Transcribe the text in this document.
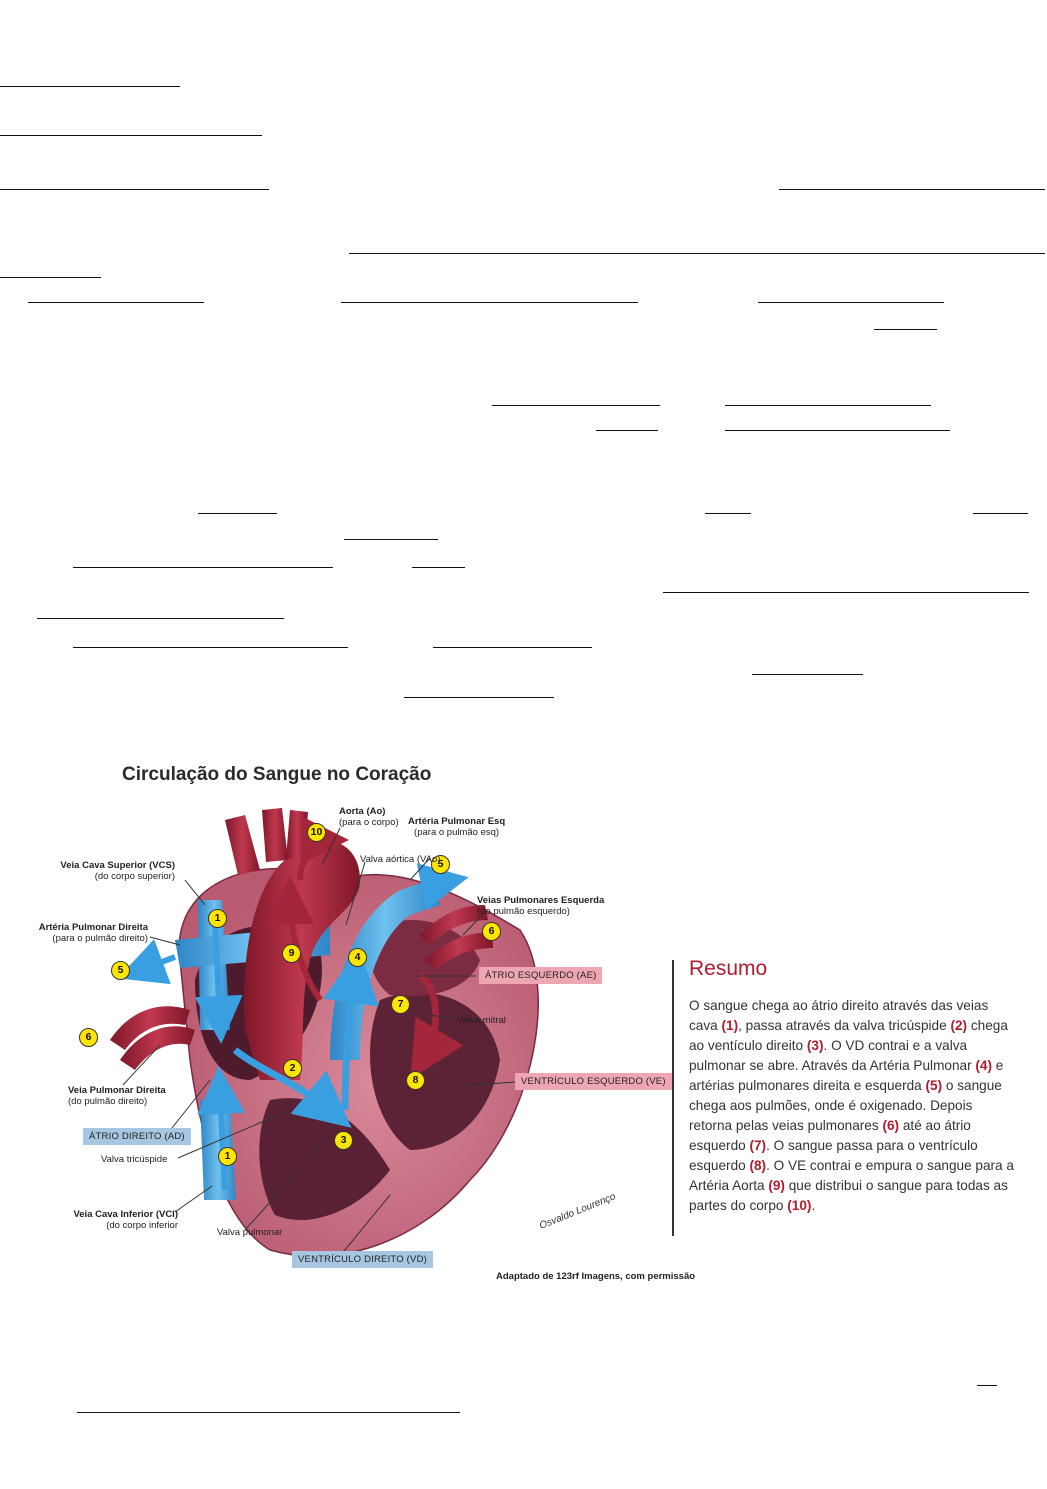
Circulação do Sangue no Coração
1
1
2
3
4
5
5
6
6
7
8
9
10
Aorta (Ao)
(para o corpo) Artéria Pulmonar Esq
(para o pulmão esq)
Valva aórtica (VAo)
Veia Cava Superior (VCS)
(do corpo superior)
Veias Pulmonares Esquerda
(do pulmão esquerdo)
Artéria Pulmonar Direita
(para o pulmão direito)
ÁTRIO ESQUERDO (AE)
Valva mitral
Veia Pulmonar Direita
(do pulmão direito)
VENTRÍCULO ESQUERDO (VE)
ÁTRIO DIREITO (AD)
Valva tricúspide
Veia Cava Inferior (VCI)
(do corpo inferior
Valva pulmonar
VENTRÍCULO DIREITO (VD)
Osvaldo Lourenço
Adaptado de 123rf Imagens, com permissão
Resumo
O sangue chega ao átrio direito através das veias cava (1), passa através da valva tricúspide (2) chega ao ventículo direito (3). O VD contrai e a valva pulmonar se abre. Através da Artéria Pulmonar (4) e artérias pulmonares direita e esquerda (5) o sangue chega aos pulmões, onde é oxigenado. Depois retorna pelas veias pulmonares (6) até ao átrio esquerdo (7). O sangue passa para o ventrículo esquerdo (8). O VE contrai e empura o sangue para a Artéria Aorta (9) que distribui o sangue para todas as partes do corpo (10).
